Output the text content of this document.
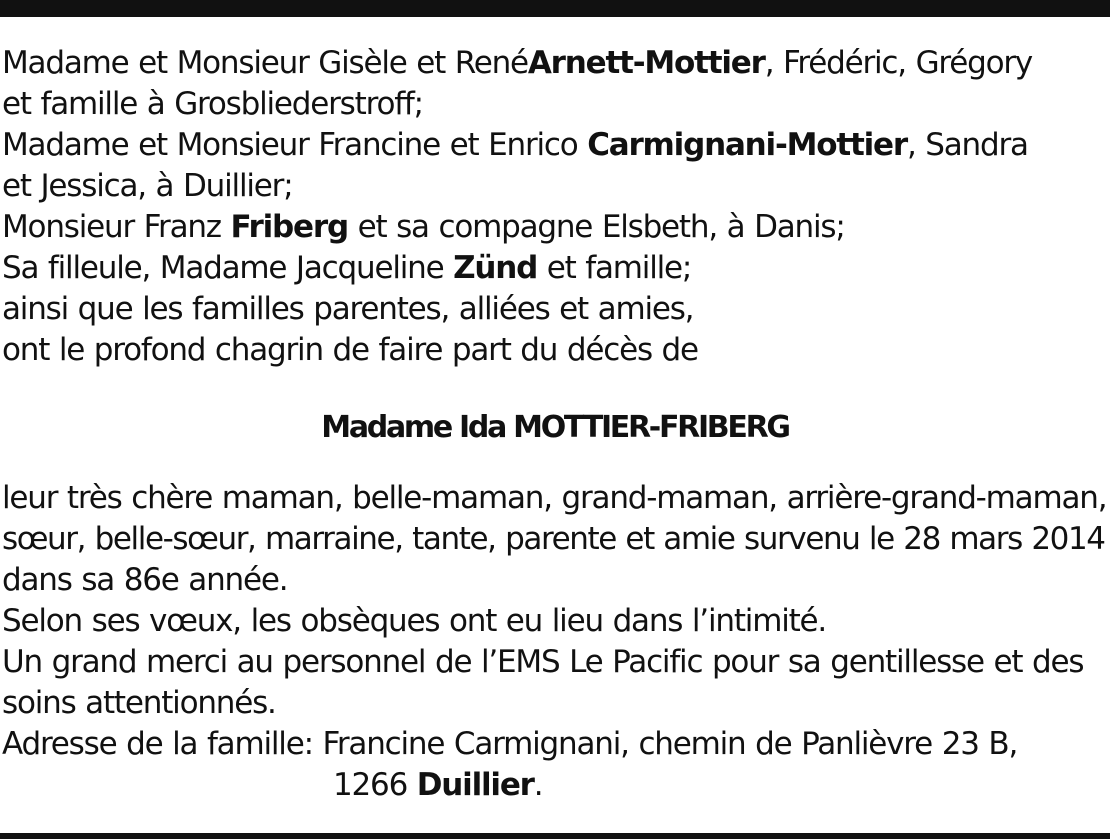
Madame et Monsieur Gisèle et RenéArnett-Mottier, Frédéric, Grégory
et famille à Grosbliederstroff;
Madame et Monsieur Francine et Enrico Carmignani-Mottier, Sandra
et Jessica, à Duillier;
Monsieur Franz Friberg et sa compagne Elsbeth, à Danis;
Sa filleule, Madame Jacqueline Zünd et famille;
ainsi que les familles parentes, alliées et amies,
ont le profond chagrin de faire part du décès de
Madame Ida MOTTIER-FRIBERG
leur très chère maman, belle-maman, grand-maman, arrière-grand-maman,
sœur, belle-sœur, marraine, tante, parente et amie survenu le 28 mars 2014
dans sa 86e année.
Selon ses vœux, les obsèques ont eu lieu dans l’intimité.
Un grand merci au personnel de l’EMS Le Pacific pour sa gentillesse et des
soins attentionnés.
Adresse de la famille: Francine Carmignani, chemin de Panlièvre 23 B,
1266 Duillier.
